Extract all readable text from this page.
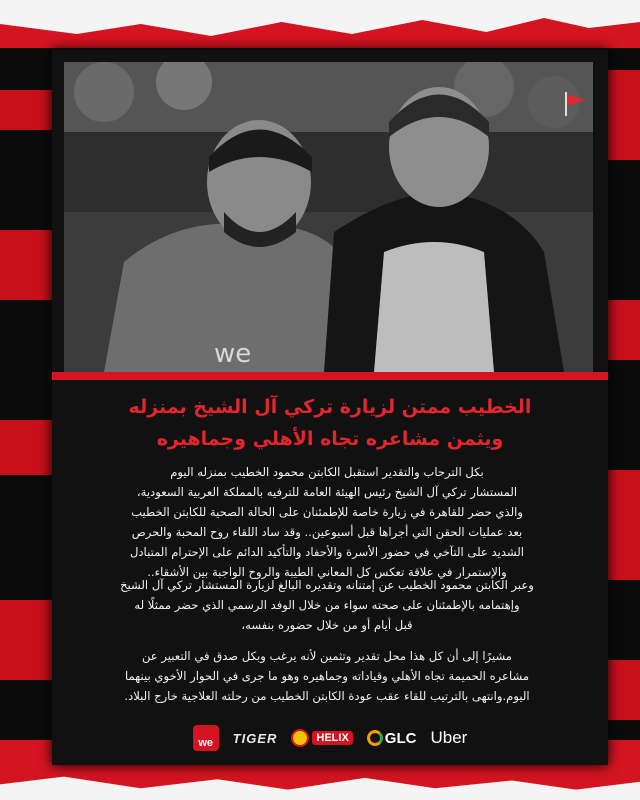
we
الخطيب ممتن لزيارة تركي آل الشيخ بمنزله
ويثمن مشاعره تجاه الأهلي وجماهيره
بكل الترحاب والتقدير استقبل الكابتن محمود الخطيب بمنزله اليوم
المستشار تركي آل الشيخ رئيس الهيئة العامة للترفيه بالمملكة العربية السعودية،
والذي حضر للقاهرة في زيارة خاصة للإطمئنان على الحالة الصحية للكابتن الخطيب
بعد عمليات الحقن التي أجراها قبل أسبوعين.. وقد ساد اللقاء روح المحبة والحرص
الشديد على التآخي في حضور الأسرة والأحفاد والتأكيد الدائم على الإحترام المتبادل
والإستمرار في علاقة تعكس كل المعاني الطيبة والروح الواجبة بين الأشقاء..
وعبر الكابتن محمود الخطيب عن إمتنانه وتقديره البالغ لزيارة المستشار تركي آل الشيخ
وإهتمامه بالإطمئنان على صحته سواء من خلال الوفد الرسمي الذي حضر ممثلًا له
قبل أيام أو من خلال حضوره بنفسه،
مشيرًا إلى أن كل هذا محل تقدير وتثمين لأنه يرغب وبكل صدق في التعبير عن
مشاعره الحميمة تجاه الأهلي وقياداته وجماهيره وهو ما جرى في الحوار الأخوي بينهما
اليوم.وانتهى بالترتيب للقاء عقب عودة الكابتن الخطيب من رحلته العلاجية خارج البلاد.
we	TIGER	HELIX GLC Uber
